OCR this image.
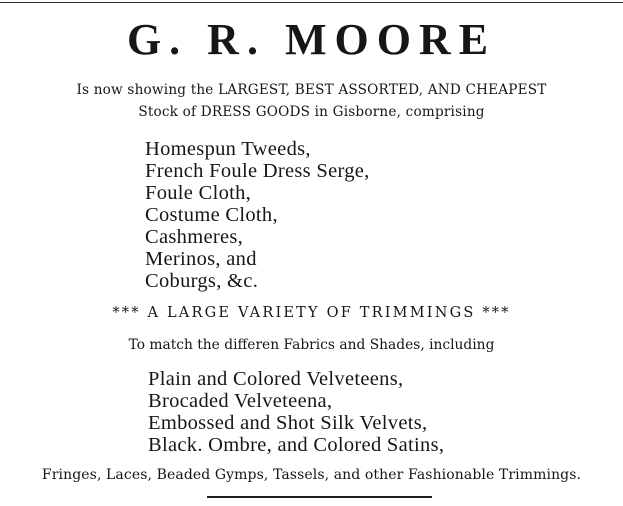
G. R. MOORE
Is now showing the LARGEST, BEST ASSORTED, AND CHEAPEST
Stock of DRESS GOODS in Gisborne, comprising
Homespun Tweeds,
French Foule Dress Serge,
Foule Cloth,
Costume Cloth,
Cashmeres,
Merinos, and
Coburgs, &c.
*** A LARGE VARIETY OF TRIMMINGS ***
To match the differen Fabrics and Shades, including
Plain and Colored Velveteens,
Brocaded Velveteena,
Embossed and Shot Silk Velvets,
Black. Ombre, and Colored Satins,
Fringes, Laces, Beaded Gymps, Tassels, and other Fashionable Trimmings.
